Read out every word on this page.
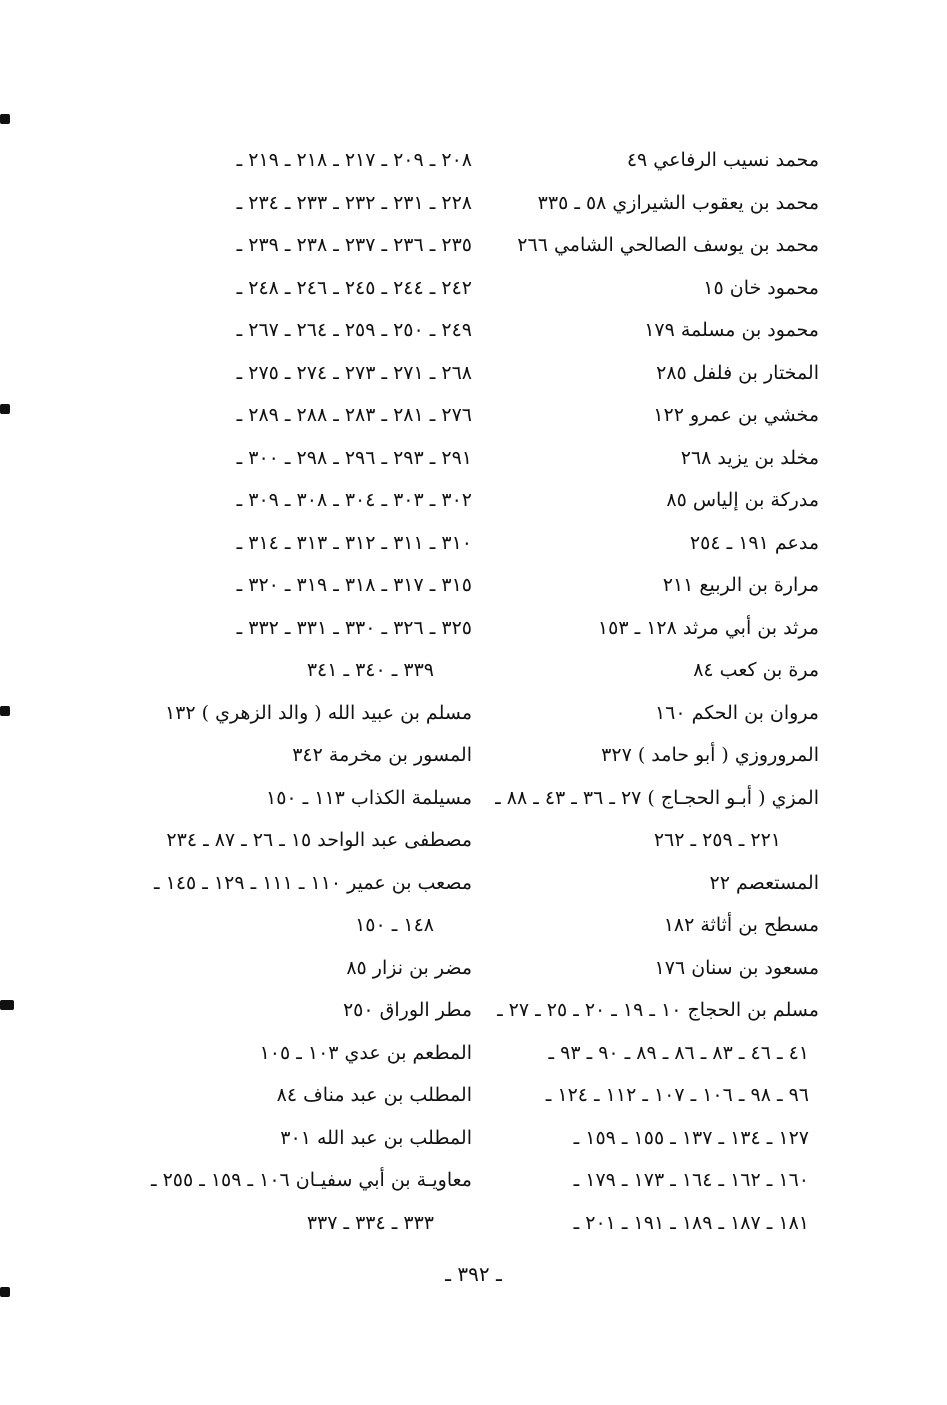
محمد نسيب الرفاعي ٤٩
محمد بن يعقوب الشيرازي ٥٨ ـ ٣٣٥
محمد بن يوسف الصالحي الشامي ٢٦٦
محمود خان ١٥
محمود بن مسلمة ١٧٩
المختار بن فلفل ٢٨٥
مخشي بن عمرو ١٢٢
مخلد بن يزيد ٢٦٨
مدركة بن إلياس ٨٥
مدعم ١٩١ ـ ٢٥٤
مرارة بن الربيع ٢١١
مرثد بن أبي مرثد ١٢٨ ـ ١٥٣
مرة بن كعب ٨٤
مروان بن الحكم ١٦٠
المروروزي ( أبو حامد ) ٣٢٧
المزي ( أبـو الحجـاج ) ٢٧ ـ ٣٦ ـ ٤٣ ـ ٨٨ ـ
٢٢١ ـ ٢٥٩ ـ ٢٦٢
المستعصم ٢٢
مسطح بن أثاثة ١٨٢
مسعود بن سنان ١٧٦
مسلم بن الحجاج ١٠ ـ ١٩ ـ ٢٠ ـ ٢٥ ـ ٢٧ ـ
٤١ ـ ٤٦ ـ ٨٣ ـ ٨٦ ـ ٨٩ ـ ٩٠ ـ ٩٣ ـ
٩٦ ـ ٩٨ ـ ١٠٦ ـ ١٠٧ ـ ١١٢ ـ ١٢٤ ـ
١٢٧ ـ ١٣٤ ـ ١٣٧ ـ ١٥٥ ـ ١٥٩ ـ
١٦٠ ـ ١٦٢ ـ ١٦٤ ـ ١٧٣ ـ ١٧٩ ـ
١٨١ ـ ١٨٧ ـ ١٨٩ ـ ١٩١ ـ ٢٠١ ـ
٢٠٨ ـ ٢٠٩ ـ ٢١٧ ـ ٢١٨ ـ ٢١٩ ـ
٢٢٨ ـ ٢٣١ ـ ٢٣٢ ـ ٢٣٣ ـ ٢٣٤ ـ
٢٣٥ ـ ٢٣٦ ـ ٢٣٧ ـ ٢٣٨ ـ ٢٣٩ ـ
٢٤٢ ـ ٢٤٤ ـ ٢٤٥ ـ ٢٤٦ ـ ٢٤٨ ـ
٢٤٩ ـ ٢٥٠ ـ ٢٥٩ ـ ٢٦٤ ـ ٢٦٧ ـ
٢٦٨ ـ ٢٧١ ـ ٢٧٣ ـ ٢٧٤ ـ ٢٧٥ ـ
٢٧٦ ـ ٢٨١ ـ ٢٨٣ ـ ٢٨٨ ـ ٢٨٩ ـ
٢٩١ ـ ٢٩٣ ـ ٢٩٦ ـ ٢٩٨ ـ ٣٠٠ ـ
٣٠٢ ـ ٣٠٣ ـ ٣٠٤ ـ ٣٠٨ ـ ٣٠٩ ـ
٣١٠ ـ ٣١١ ـ ٣١٢ ـ ٣١٣ ـ ٣١٤ ـ
٣١٥ ـ ٣١٧ ـ ٣١٨ ـ ٣١٩ ـ ٣٢٠ ـ
٣٢٥ ـ ٣٢٦ ـ ٣٣٠ ـ ٣٣١ ـ ٣٣٢ ـ
٣٣٩ ـ ٣٤٠ ـ ٣٤١
مسلم بن عبيد الله ( والد الزهري ) ١٣٢
المسور بن مخرمة ٣٤٢
مسيلمة الكذاب ١١٣ ـ ١٥٠
مصطفى عبد الواحد ١٥ ـ ٢٦ ـ ٨٧ ـ ٢٣٤
مصعب بن عمير ١١٠ ـ ١١١ ـ ١٢٩ ـ ١٤٥ ـ
١٤٨ ـ ١٥٠
مضر بن نزار ٨٥
مطر الوراق ٢٥٠
المطعم بن عدي ١٠٣ ـ ١٠٥
المطلب بن عبد مناف ٨٤
المطلب بن عبد الله ٣٠١
معاويـة بن أبي سفيـان ١٠٦ ـ ١٥٩ ـ ٢٥٥ ـ
٣٣٣ ـ ٣٣٤ ـ ٣٣٧
ـ ٣٩٢ ـ
